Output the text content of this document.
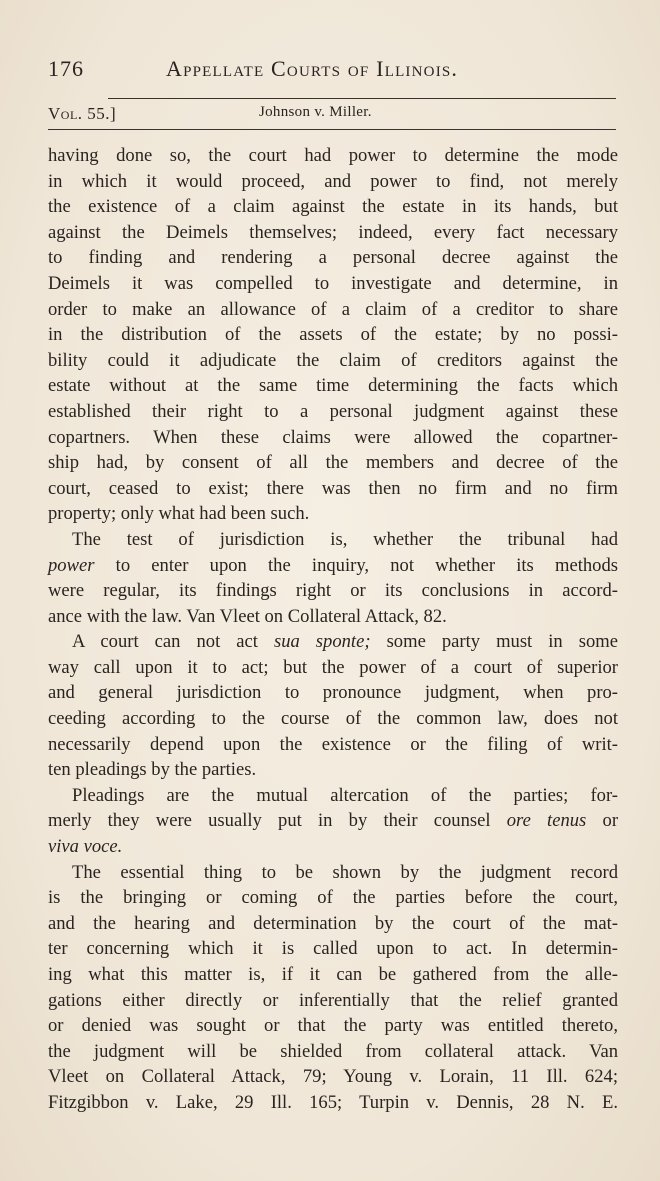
176	Appellate Courts of Illinois.
Vol. 55.]	Johnson v. Miller.
having done so, the court had power to determine the mode
in which it would proceed, and power to find, not merely
the existence of a claim against the estate in its hands, but
against the Deimels themselves; indeed, every fact necessary
to finding and rendering a personal decree against the
Deimels it was compelled to investigate and determine, in
order to make an allowance of a claim of a creditor to share
in the distribution of the assets of the estate; by no possi-
bility could it adjudicate the claim of creditors against the
estate without at the same time determining the facts which
established their right to a personal judgment against these
copartners. When these claims were allowed the copartner-
ship had, by consent of all the members and decree of the
court, ceased to exist; there was then no firm and no firm
property; only what had been such.
The test of jurisdiction is, whether the tribunal had
power to enter upon the inquiry, not whether its methods
were regular, its findings right or its conclusions in accord-
ance with the law. Van Vleet on Collateral Attack, 82.
A court can not act sua sponte; some party must in some
way call upon it to act; but the power of a court of superior
and general jurisdiction to pronounce judgment, when pro-
ceeding according to the course of the common law, does not
necessarily depend upon the existence or the filing of writ-
ten pleadings by the parties.
Pleadings are the mutual altercation of the parties; for-
merly they were usually put in by their counsel ore tenus or
viva voce.
The essential thing to be shown by the judgment record
is the bringing or coming of the parties before the court,
and the hearing and determination by the court of the mat-
ter concerning which it is called upon to act. In determin-
ing what this matter is, if it can be gathered from the alle-
gations either directly or inferentially that the relief granted
or denied was sought or that the party was entitled thereto,
the judgment will be shielded from collateral attack. Van
Vleet on Collateral Attack, 79; Young v. Lorain, 11 Ill. 624;
Fitzgibbon v. Lake, 29 Ill. 165; Turpin v. Dennis, 28 N. E.
